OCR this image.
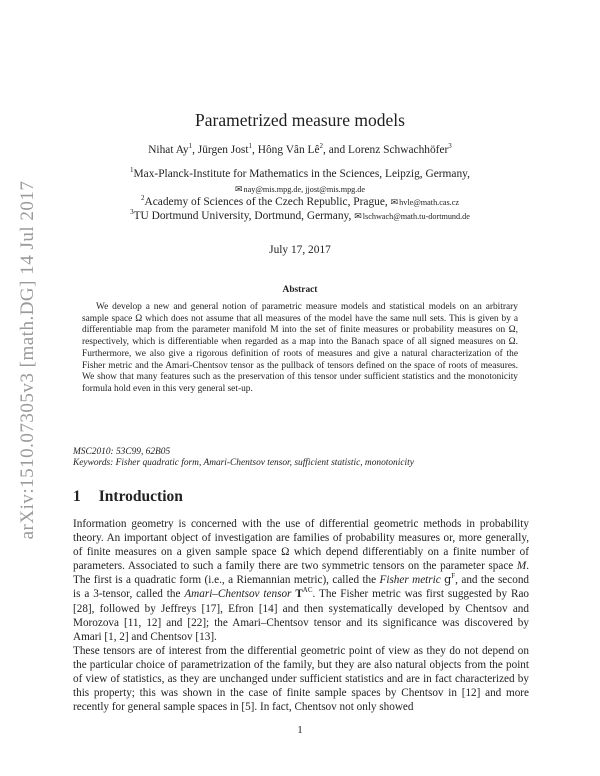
arXiv:1510.07305v3 [math.DG] 14 Jul 2017
Parametrized measure models
Nihat Ay$^1$, Jürgen Jost$^1$, Hông Vân $Lê^2$, and Lorenz Schwachhöfer$^3$
$^1$Max-Planck-Institute for Mathematics in the Sciences, Leipzig, Germany,
✉nay@mis.mpg.de, jjost@mis.mpg.de
$^2$Academy of Sciences of the Czech Republic, Prague, ✉hvle@math.cas.cz
$^3$TU Dortmund University, Dortmund, Germany, ✉lschwach@math.tu-dortmund.de
July 17, 2017
Abstract
We develop a new and general notion of parametric measure models and statistical models on an arbitrary sample space Ω which does not assume that all measures of the model have the same null sets. This is given by a differentiable map from the parameter manifold M into the set of finite measures or probability measures on Ω, respectively, which is differentiable when regarded as a map into the Banach space of all signed measures on Ω. Furthermore, we also give a rigorous definition of roots of measures and give a natural characterization of the Fisher metric and the Amari-Chentsov tensor as the pullback of tensors defined on the space of roots of measures. We show that many features such as the preservation of this tensor under sufficient statistics and the monotonicity formula hold even in this very general set-up.
MSC2010: 53C99, 62B05
Keywords: Fisher quadratic form, Amari-Chentsov tensor, sufficient statistic, monotonicity
1 Introduction

Information geometry is concerned with the use of differential geometric methods in probability theory. An important object of investigation are families of probability measures or, more generally, of finite measures on a given sample space Ω which depend differentiably on a finite number of parameters. Associated to such a family there are two symmetric tensors on the parameter space M. The first is a quadratic form (i.e., a Riemannian metric), called the Fisher metric $g^F$, and the second is a 3-tensor, called the Amari–Chentsov tensor $T^{AC}$. The Fisher metric was first suggested by Rao [28], followed by Jeffreys [17], Efron [14] and then systematically developed by Chentsov and Morozova [11, 12] and [22]; the Amari–Chentsov tensor and its significance was discovered by Amari [1, 2] and Chentsov [13].

These tensors are of interest from the differential geometric point of view as they do not depend on the particular choice of parametrization of the family, but they are also natural objects from the point of view of statistics, as they are unchanged under sufficient statistics and are in fact characterized by this property; this was shown in the case of finite sample spaces by Chentsov in [12] and more recently for general sample spaces in [5]. In fact, Chentsov not only showed

1
